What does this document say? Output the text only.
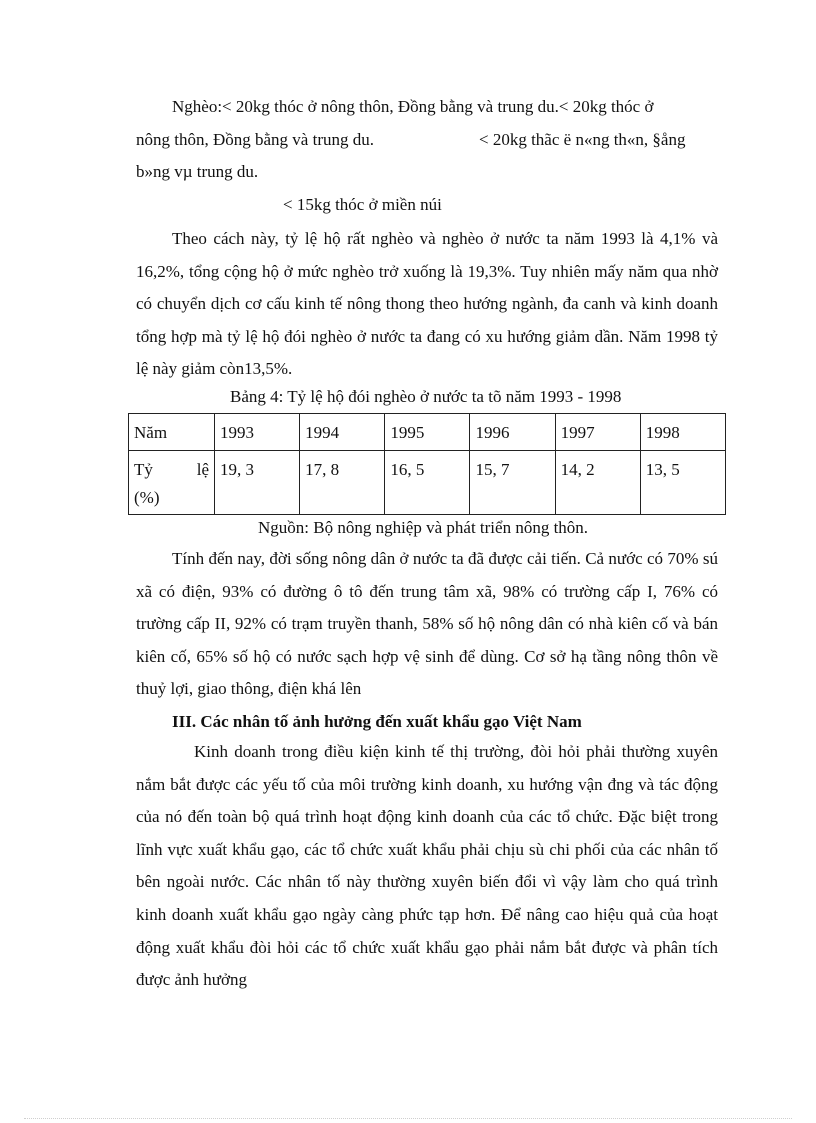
Nghèo:< 20kg thóc ở nông thôn, Đồng bằng và trung du.< 20kg thóc ở

nông thôn, Đồng bằng và trung du.	< 20kg thãc ë n«ng th«n, §ång

b»ng vµ trung du.

< 15kg thóc ở miền núi

Theo cách này, tỷ lệ hộ rất nghèo và nghèo ở nước ta năm 1993 là 4,1% và 16,2%, tổng cộng hộ ở mức nghèo trở xuống là 19,3%. Tuy nhiên mấy năm qua nhờ có chuyển dịch cơ cấu kinh tế nông thong theo hướng ngành, đa canh và kinh doanh tổng hợp mà tỷ lệ hộ đói nghèo ở nước ta đang có xu hướng giảm dần. Năm 1998 tỷ lệ này giảm còn13,5%.

Bảng 4: Tỷ lệ hộ đói nghèo ở nước ta tõ năm 1993 - 1998

Năm	1993	1994	1995	1996	1997	1998

Tỷ lệ
(%)	19, 3	17, 8	16, 5	15, 7	14, 2	13, 5

Nguồn: Bộ nông nghiệp và phát triển nông thôn.

Tính đến nay, đời sống nông dân ở nước ta đã được cải tiến. Cả nước có 70% sú xã có điện, 93% có đường ô tô đến trung tâm xã, 98% có trường cấp I, 76% có trường cấp II, 92% có trạm truyền thanh, 58% số hộ nông dân có nhà kiên cố và bán kiên cố, 65% số hộ có nước sạch hợp vệ sinh để dùng. Cơ sở hạ tầng nông thôn về thuỷ lợi, giao thông, điện khá lên

III. Các nhân tố ảnh hưởng đến xuất khẩu gạo Việt Nam

Kinh doanh trong điều kiện kinh tế thị trường, đòi hỏi phải thường xuyên nắm bắt được các yếu tố của môi trường kinh doanh, xu hướng vận đng và tác động của nó đến toàn bộ quá trình hoạt động kinh doanh của các tổ chức. Đặc biệt trong lĩnh vực xuất khẩu gạo, các tổ chức xuất khẩu phải chịu sù chi phối của các nhân tố bên ngoài nước. Các nhân tố này thường xuyên biến đổi vì vậy làm cho quá trình kinh doanh xuất khẩu gạo ngày càng phức tạp hơn. Để nâng cao hiệu quả của hoạt động xuất khẩu đòi hỏi các tổ chức xuất khẩu gạo phải nắm bắt được và phân tích được ảnh hưởng
